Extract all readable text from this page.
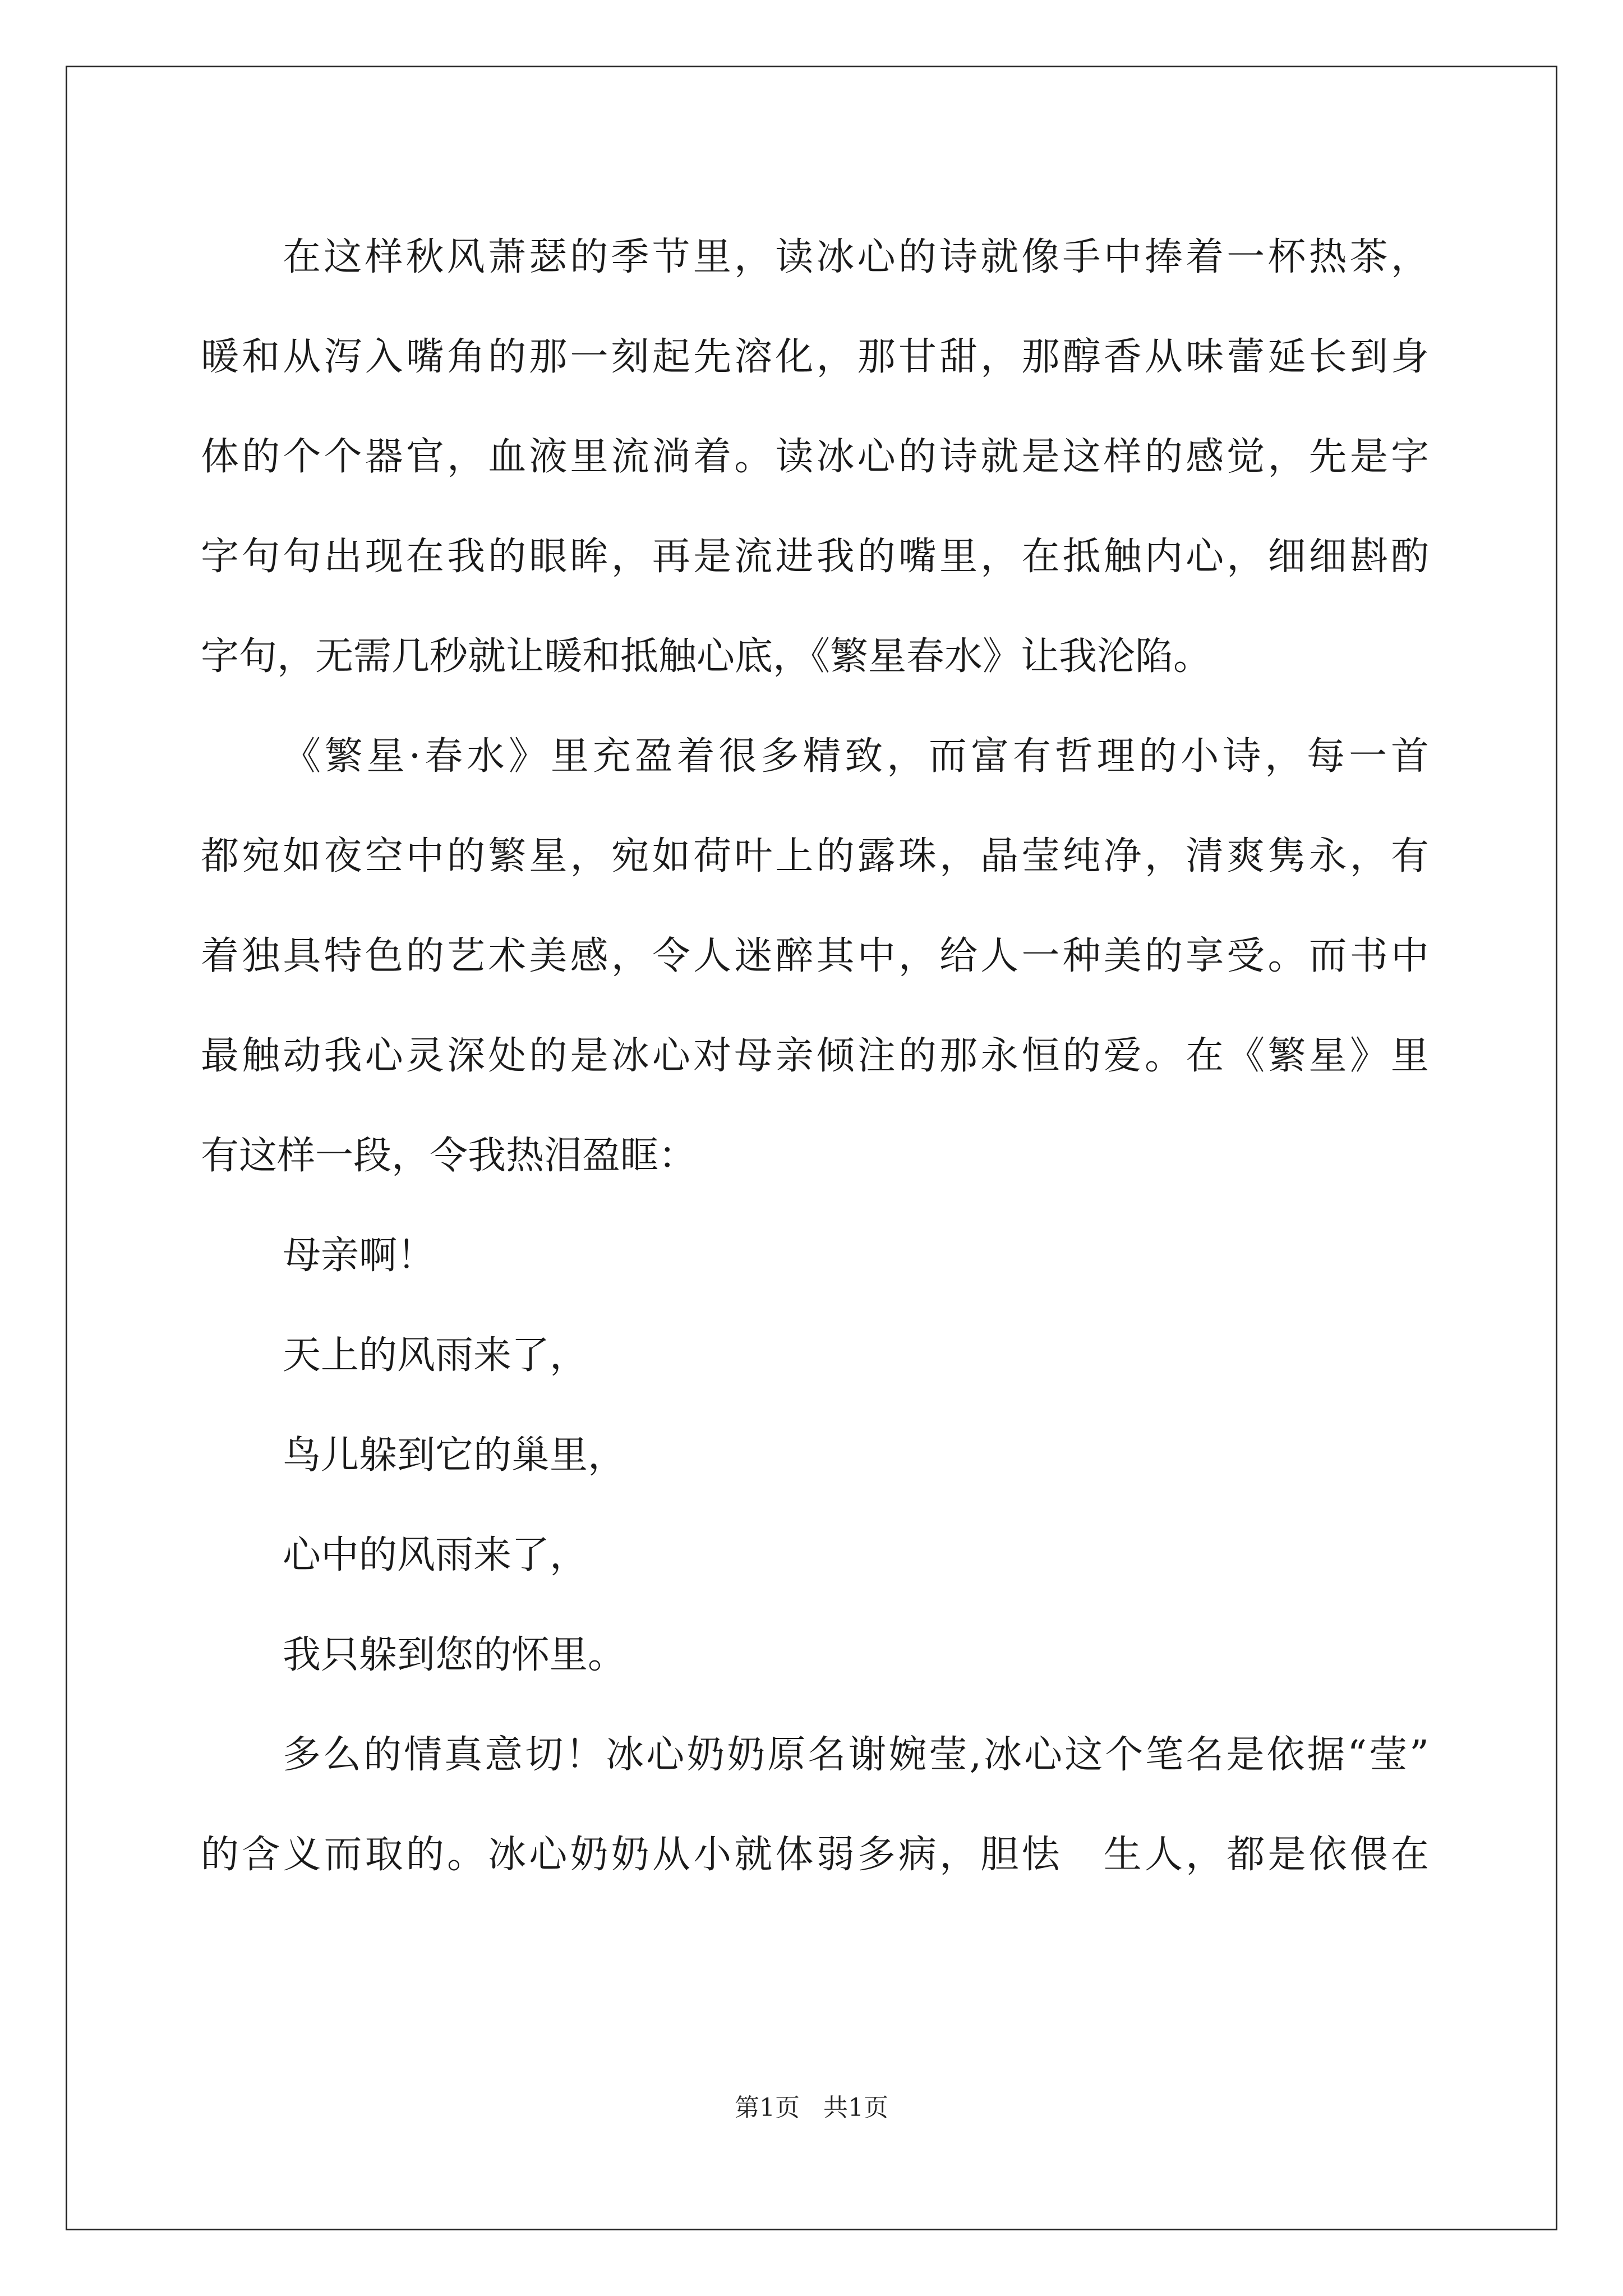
在这样秋风萧瑟的季节里，读冰心的诗就像手中捧着一杯热茶，
暖和从泻入嘴角的那一刻起先溶化，那甘甜，那醇香从味蕾延长到身
体的个个器官，血液里流淌着。读冰心的诗就是这样的感觉，先是字
字句句出现在我的眼眸，再是流进我的嘴里，在抵触内心，细细斟酌
字句，无需几秒就让暖和抵触心底，《繁星春水》让我沦陷。
《繁星·春水》里充盈着很多精致，而富有哲理的小诗，每一首
都宛如夜空中的繁星，宛如荷叶上的露珠，晶莹纯净，清爽隽永，有
着独具特色的艺术美感，令人迷醉其中，给人一种美的享受。而书中
最触动我心灵深处的是冰心对母亲倾注的那永恒的爱。在《繁星》里
有这样一段，令我热泪盈眶：
母亲啊！
天上的风雨来了，
鸟儿躲到它的巢里，
心中的风雨来了，
我只躲到您的怀里。
多么的情真意切！冰心奶奶原名谢婉莹,冰心这个笔名是依据“莹”
的含义而取的。冰心奶奶从小就体弱多病，胆怯　生人，都是依偎在
第1页 共1页
